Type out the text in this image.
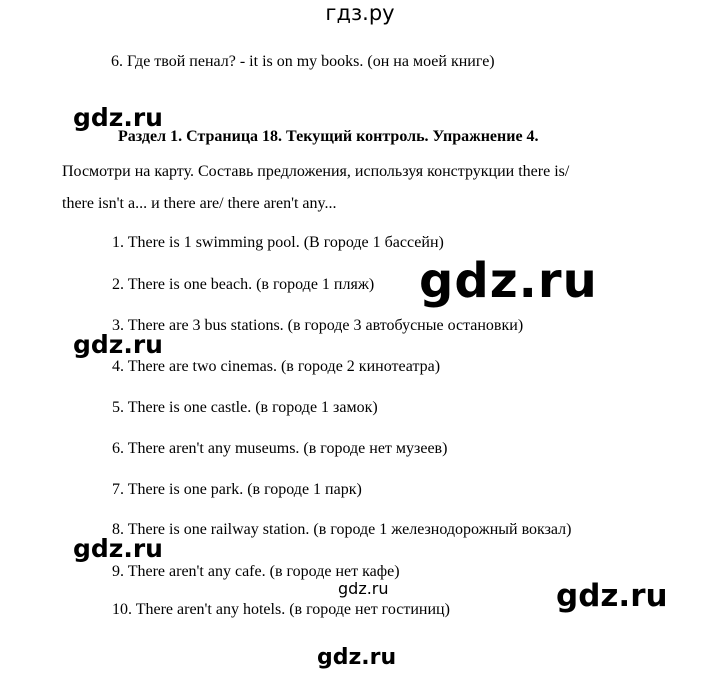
гдз.ру
6. Где твой пенал? - it is on my books. (он на моей книге)
gdz.ru
Раздел 1. Страница 18. Текущий контроль. Упражнение 4.
Посмотри на карту. Составь предложения, используя конструкции there is/
there isn't a... и there are/ there aren't any...
1. There is 1 swimming pool. (В городе 1 бассейн)
2. There is one beach. (в городе 1 пляж)
3. There are 3 bus stations. (в городе 3 автобусные остановки)
4. There are two cinemas. (в городе 2 кинотеатра)
5. There is one castle. (в городе 1 замок)
6. There aren't any museums. (в городе нет музеев)
7. There is one park. (в городе 1 парк)
8. There is one railway station. (в городе 1 железнодорожный вокзал)
9. There aren't any cafe. (в городе нет кафе)
10. There aren't any hotels. (в городе нет гостиниц)
gdz.ru
gdz.ru
gdz.ru
gdz.ru	gdz.ru
gdz.ru
